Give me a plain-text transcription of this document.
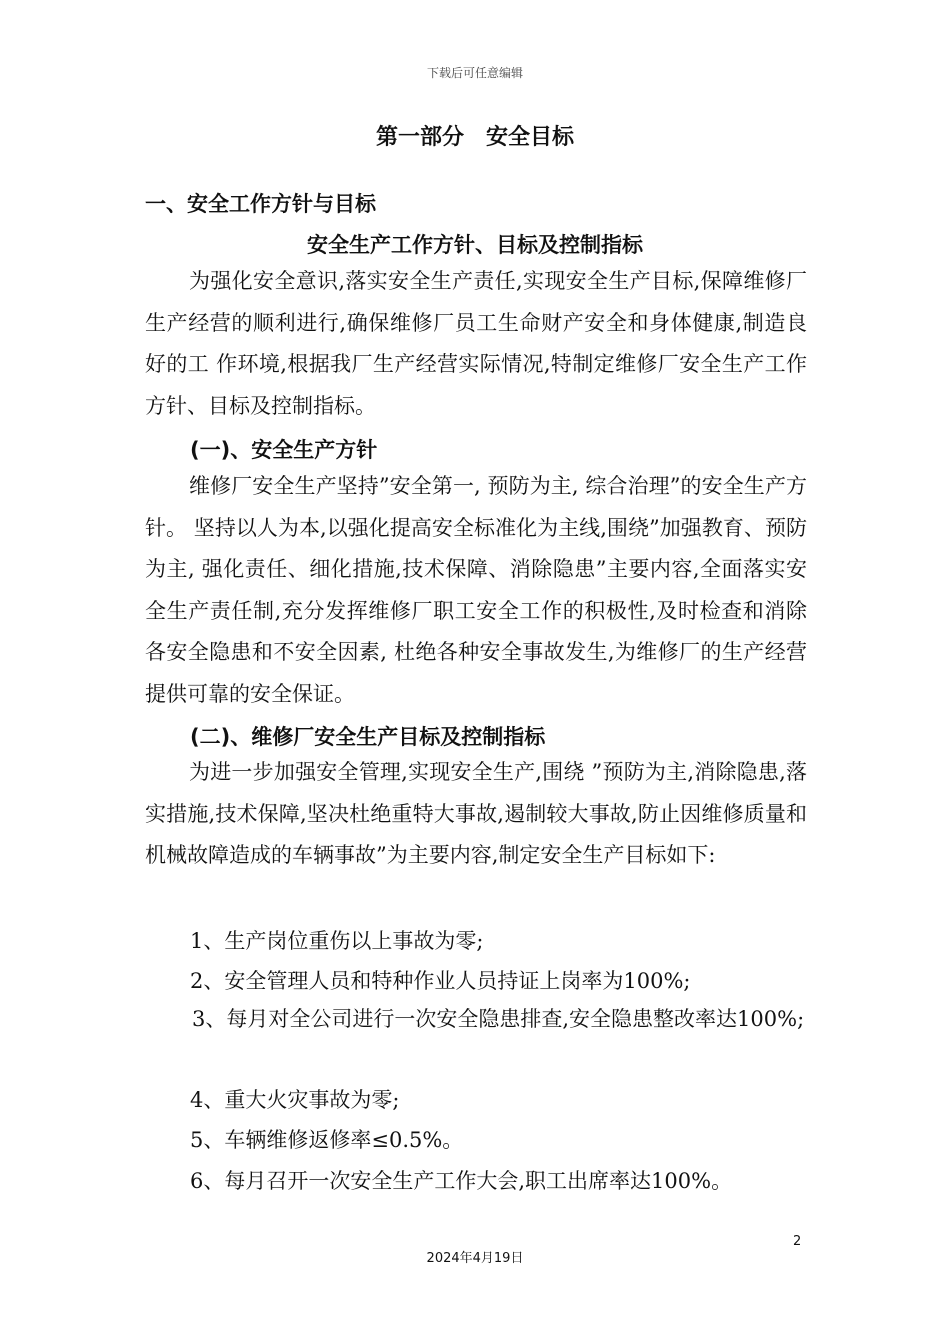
下载后可任意编辑
第一部分　安全目标
一、安全工作方针与目标
安全生产工作方针、目标及控制指标

为强化安全意识,落实安全生产责任,实现安全生产目标,保障维修厂生产经营的顺利进行,确保维修厂员工生命财产安全和身体健康,制造良好的工 作环境,根据我厂生产经营实际情况,特制定维修厂安全生产工作方针、目标及控制指标。

(一)、安全生产方针

维修厂安全生产坚持”安全第一, 预防为主, 综合治理”的安全生产方针。 坚持以人为本,以强化提高安全标准化为主线,围绕”加强教育、预防为主, 强化责任、细化措施,技术保障、消除隐患”主要内容,全面落实安全生产责任制,充分发挥维修厂职工安全工作的积极性,及时检查和消除各安全隐患和不安全因素, 杜绝各种安全事故发生,为维修厂的生产经营提供可靠的安全保证。

(二)、维修厂安全生产目标及控制指标

为进一步加强安全管理,实现安全生产,围绕 ”预防为主,消除隐患,落实措施,技术保障,坚决杜绝重特大事故,遏制较大事故,防止因维修质量和机械故障造成的车辆事故”为主要内容,制定安全生产目标如下:

1、生产岗位重伤以上事故为零;
2、安全管理人员和特种作业人员持证上岗率为100%;
3、每月对全公司进行一次安全隐患排查,安全隐患整改率达100%;
4、重大火灾事故为零;
5、车辆维修返修率≤0.5%。
6、每月召开一次安全生产工作大会,职工出席率达100%。
2
2024年4月19日
